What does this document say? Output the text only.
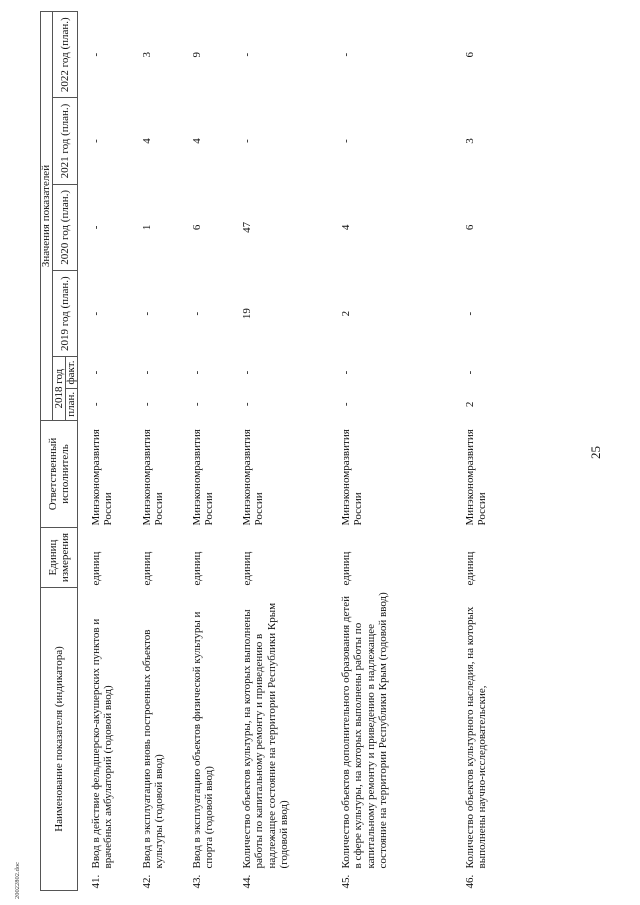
20022802.doc
Наименование показателя (индикатора)	Единиц измерения	Ответственный исполнитель	Значения показателей					
			2018 год		2019 год (план.)	2020 год (план.)	2021 год (план.)	2022 год (план.)
			план.	факт.				

41.
Ввод в действие фельдшерско-акушерских пунктов и врачебных амбулаторий (годовой ввод)	единиц	Минэкономразвития России	-	-	-	-	-	-

42.
Ввод в эксплуатацию вновь построенных объектов культуры (годовой ввод)	единиц	Минэкономразвития России	-	-	-	1	4	3

43.
Ввод в эксплуатацию объектов физической культуры и спорта (годовой ввод)	единиц	Минэкономразвития России	-	-	-	6	4	9

44.
Количество объектов культуры, на которых выполнены работы по капитальному ремонту и приведению в надлежащее состояние на территории Республики Крым (годовой ввод)	единиц	Минэкономразвития России	-	-	19	47	-	-

45.
Количество объектов дополнительного образования детей в сфере культуры, на которых выполнены работы по капитальному ремонту и приведению в надлежащее состояние на территории Республики Крым (годовой ввод)	единиц	Минэкономразвития России	-	-	2	4	-	-

46.
Количество объектов культурного наследия, на которых выполнены научно-исследовательские,	единиц	Минэкономразвития России	2	-	-	6	3	6
25
